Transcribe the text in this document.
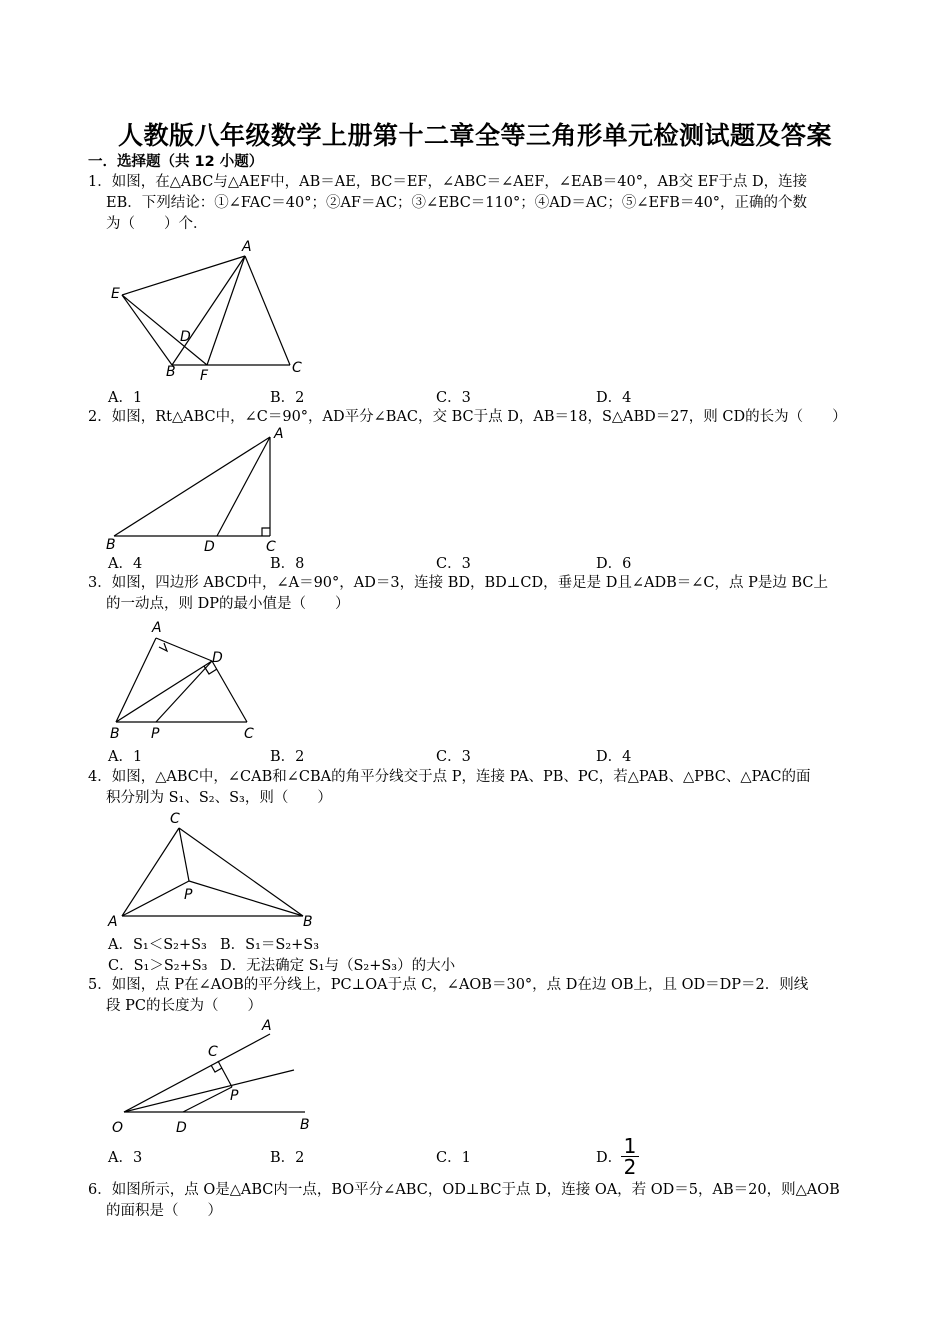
人教版八年级数学上册第十二章全等三角形单元检测试题及答案
一．选择题（共 12 小题）
1．如图，在△ABC与△AEF中，AB＝AE，BC＝EF，∠ABC＝∠AEF，∠EAB＝40°，AB交 EF于点 D，连接
EB．下列结论：①∠FAC＝40°；②AF＝AC；③∠EBC＝110°；④AD＝AC；⑤∠EFB＝40°，正确的个数
为（　　）个．
A
E
D
B F	C
A．1	B．2	C．3	D．4
2．如图，Rt△ABC中，∠C＝90°，AD平分∠BAC，交 BC于点 D，AB＝18，S△ABD＝27，则 CD的长为（　　）
A
B	D	C
A．4	B．8	C．3	D．6
3．如图，四边形 ABCD中，∠A＝90°，AD＝3，连接 BD，BD⊥CD，垂足是 D且∠ADB＝∠C，点 P是边 BC上
的一动点，则 DP的最小值是（　　）
A
D
B P	C
A．1	B．2	C．3	D．4
4．如图，△ABC中，∠CAB和∠CBA的角平分线交于点 P，连接 PA、PB、PC，若△PAB、△PBC、△PAC的面
积分别为 S₁、S₂、S₃，则（　　）
C
P
A	B
A．S₁＜S₂+S₃ B．S₁＝S₂+S₃
C．S₁＞S₂+S₃ D．无法确定 S₁与（S₂+S₃）的大小
5．如图，点 P在∠AOB的平分线上，PC⊥OA于点 C，∠AOB＝30°，点 D在边 OB上，且 OD＝DP＝2．则线
段 PC的长度为（　　）
A
C
P
O	D	B
A．3	B．2	C．1	D． 1
2
6．如图所示，点 O是△ABC内一点，BO平分∠ABC，OD⊥BC于点 D，连接 OA，若 OD＝5，AB＝20，则△AOB
的面积是（　　）
